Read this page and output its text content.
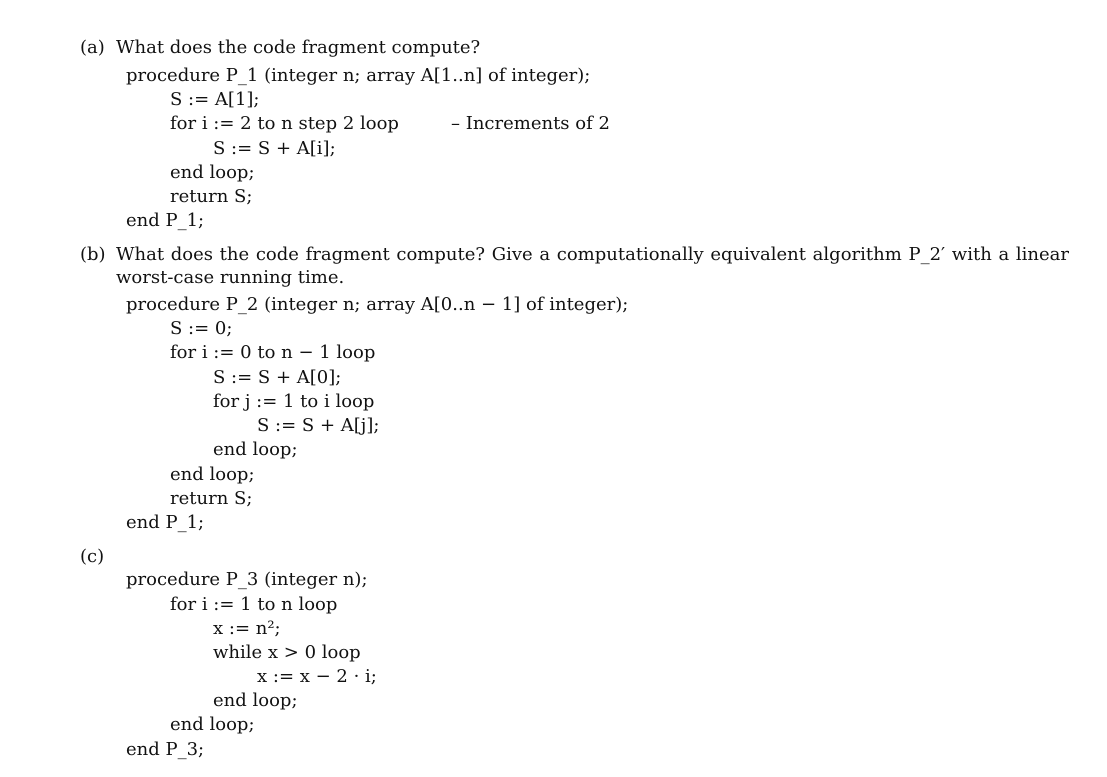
(a) What does the code fragment compute?
procedure P_1 (integer n; array A[1..n] of integer);
S := A[1];
for i := 2 to n step 2 loop	– Increments of 2
S := S + A[i];
end loop;
return S;
end P_1;
(b) What does the code fragment compute? Give a computationally equivalent algorithm P_2′ with a linear
worst-case running time.
procedure P_2 (integer n; array A[0..n − 1] of integer);
S := 0;
for i := 0 to n − 1 loop
S := S + A[0];
for j := 1 to i loop
S := S + A[j];
end loop;
end loop;
return S;
end P_1;
(c)
procedure P_3 (integer n);
for i := 1 to n loop
x := n²;
while x > 0 loop
x := x − 2 · i;
end loop;
end loop;
end P_3;
